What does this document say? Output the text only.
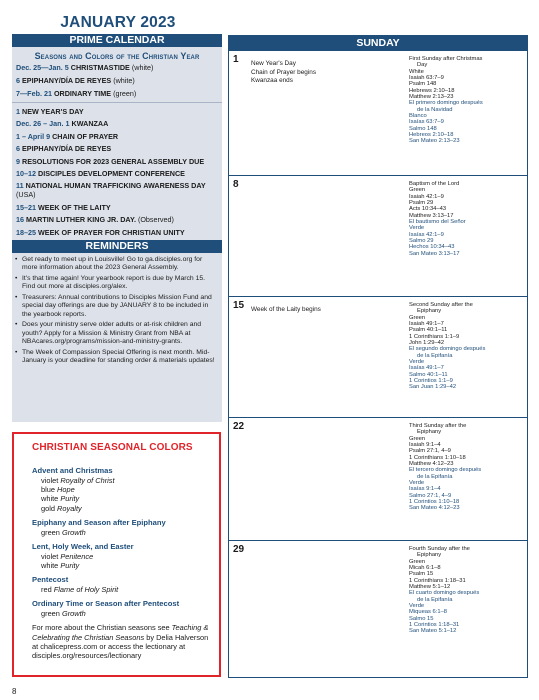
JANUARY 2023
PRIME CALENDAR
Seasons and Colors of the Christian Year
Dec. 25—Jan. 5 CHRISTMASTIDE (white)
6 EPIPHANY/DÍA DE REYES (white)
7—Feb. 21 ORDINARY TIME (green)
1 NEW YEAR'S DAY
Dec. 26 – Jan. 1 KWANZAA
1 – April 9 CHAIN OF PRAYER
6 EPIPHANY/DÍA DE REYES
9 RESOLUTIONS FOR 2023 GENERAL ASSEMBLY DUE
10–12 DISCIPLES DEVELOPMENT CONFERENCE
11 NATIONAL HUMAN TRAFFICKING AWARENESS DAY (USA)
15–21 WEEK OF THE LAITY
16 MARTIN LUTHER KING JR. DAY. (Observed)
18–25 WEEK OF PRAYER FOR CHRISTIAN UNITY
REMINDERS
• Get ready to meet up in Louisville! Go to ga.disciples.org for more information about the 2023 General Assembly.
• It's that time again! Your yearbook report is due by March 15. Find out more at disciples.org/alex.
• Treasurers: Annual contributions to Disciples Mission Fund and special day offerings are due by JANUARY 8 to be included in the yearbook reports.
• Does your ministry serve older adults or at-risk children and youth? Apply for a Mission & Ministry Grant from NBA at NBAcares.org/programs/mission-and-ministry-grants.
• The Week of Compassion Special Offering is next month. Mid-January is your deadline for standing order & materials updates!
CHRISTIAN SEASONAL COLORS
Advent and Christmas
violet Royalty of Christ
blue Hope
white Purity
gold Royalty
Epiphany and Season after Epiphany
green Growth
Lent, Holy Week, and Easter
violet Penitence
white Purity
Pentecost
red Flame of Holy Spirit
Ordinary Time or Season after Pentecost
green Growth
For more about the Christian seasons see Teaching & Celebrating the Christian Seasons by Delia Halverson at chalicepress.com or access the lectionary at disciples.org/resources/lectionary
8
SUNDAY
1 New Year's Day
Chain of Prayer begins
Kwanzaa ends
First Sunday after Christmas
Day
White
Isaiah 63:7–9
Psalm 148
Hebrews 2:10–18
Matthew 2:13–23
El primero domingo después
de la Navidad
Blanco
Isaías 63:7–9
Salmo 148
Hebreos 2:10–18
San Mateo 2:13–23
8	Baptism of the Lord
Green
Isaiah 42:1–9
Psalm 29
Acts 10:34–43
Matthew 3:13–17
El bautismo del Señor
Verde
Isaías 42:1–9
Salmo 29
Hechos 10:34–43
San Mateo 3:13–17
15 Week of the Laity begins
Second Sunday after the
Epiphany
Green
Isaiah 49:1–7
Psalm 40:1–11
1 Corinthians 1:1–9
John 1:29–42
El segundo domingo después
de la Epifanía
Verde
Isaías 49:1–7
Salmo 40:1–11
1 Corintios 1:1–9
San Juan 1:29–42
22	Third Sunday after the
Epiphany
Green
Isaiah 9:1–4
Psalm 27:1, 4–9
1 Corinthians 1:10–18
Matthew 4:12–23
El tercero domingo después
de la Epifanía
Verde
Isaías 9:1–4
Salmo 27:1, 4–9
1 Corintios 1:10–18
San Mateo 4:12–23
29	Fourth Sunday after the
Epiphany
Green
Micah 6:1–8
Psalm 15
1 Corinthians 1:18–31
Matthew 5:1–12
El cuarto domingo después
de la Epifanía
Verde
Miqueas 6:1–8
Salmo 15
1 Corintios 1:18–31
San Mateo 5:1–12
